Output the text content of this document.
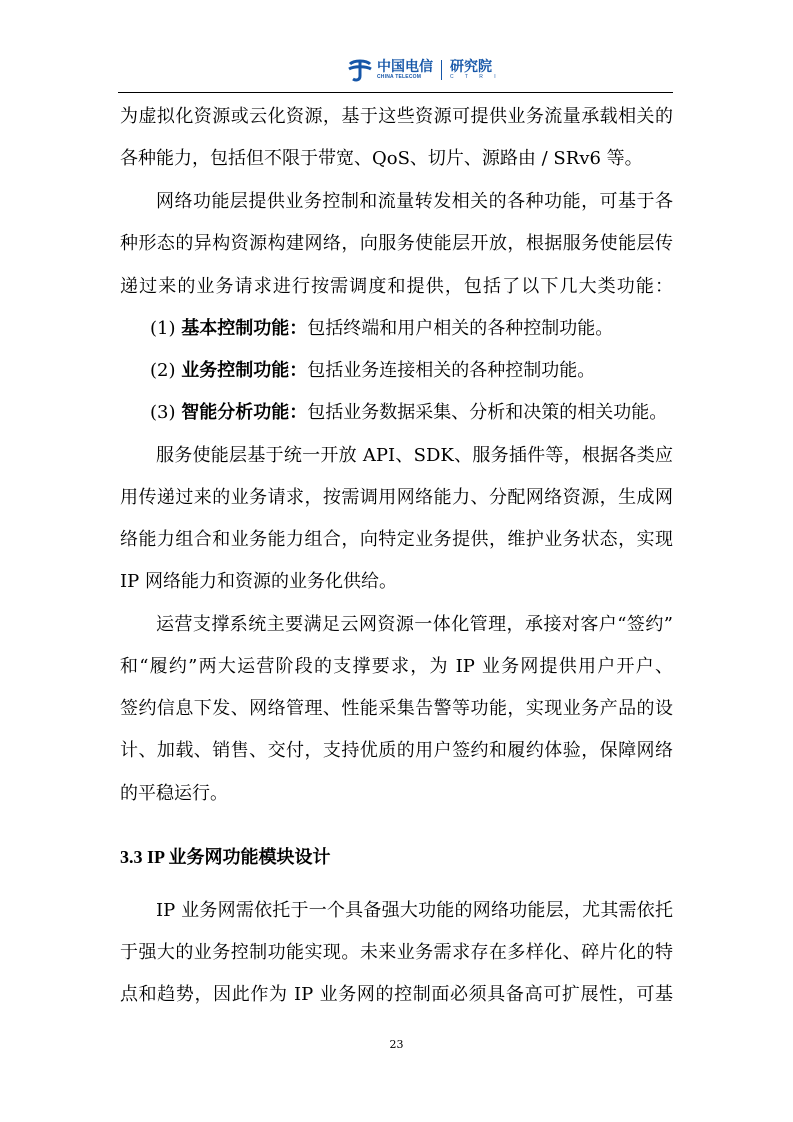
中国电信
CHINA TELECOM
研究院
C T R I
为虚拟化资源或云化资源，基于这些资源可提供业务流量承载相关的
各种能力，包括但不限于带宽、QoS、切片、源路由 / SRv6 等。
网络功能层提供业务控制和流量转发相关的各种功能，可基于各
种形态的异构资源构建网络，向服务使能层开放，根据服务使能层传
递过来的业务请求进行按需调度和提供，包括了以下几大类功能：
(1) 基本控制功能：包括终端和用户相关的各种控制功能。
(2) 业务控制功能：包括业务连接相关的各种控制功能。
(3) 智能分析功能：包括业务数据采集、分析和决策的相关功能。
服务使能层基于统一开放 API、SDK、服务插件等，根据各类应
用传递过来的业务请求，按需调用网络能力、分配网络资源，生成网
络能力组合和业务能力组合，向特定业务提供，维护业务状态，实现
IP 网络能力和资源的业务化供给。
运营支撑系统主要满足云网资源一体化管理，承接对客户“签约”
和“履约”两大运营阶段的支撑要求，为 IP 业务网提供用户开户、
签约信息下发、网络管理、性能采集告警等功能，实现业务产品的设
计、加载、销售、交付，支持优质的用户签约和履约体验，保障网络
的平稳运行。
3.3 IP 业务网功能模块设计
IP 业务网需依托于一个具备强大功能的网络功能层，尤其需依托
于强大的业务控制功能实现。未来业务需求存在多样化、碎片化的特
点和趋势，因此作为 IP 业务网的控制面必须具备高可扩展性，可基
23
